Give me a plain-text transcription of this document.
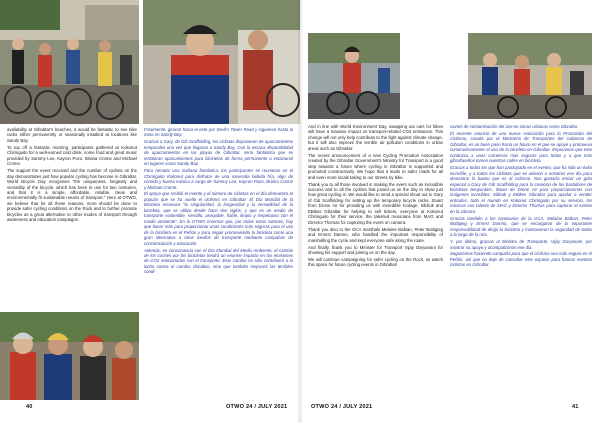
availability at Gibraltar's beaches, it would be fantastic to see bike racks either permanently or seasonally installed at locations like Sandy Bay.

To top off a fantastic morning, participants gathered at Kokonut Chiringuito for a well-earned cold drink, some food and great music provided by Sammy Lee, Kayron Pozo, Briana Crome and Michael Crome.

The support the event received and the number of cyclists on the day demonstrates just how popular cycling has become in Gibraltar. World Bicycle Day recognises "the uniqueness, longevity and versatility of the bicycle, which has been in use for two centuries, and that it is a simple, affordable, reliable, clean and environmentally fit sustainable means of transport." Here at OTWO, we believe that for all these reasons, more should be done to provide safer cycling conditions on the Rock and to further promote bicycles as a great alternative to other modes of transport through awareness and education campaigns.

Finalmente, giraron hacia el este por Devil's Tower Road y siguieron hasta la meta en Sandy Bay.

Gracias a Gary, de Gib Scaffolding, los ciclistas dispusieron de aparcamientos temporales una vez que llegaron a Sandy Bay. Con la escasa disponibilidad de aparcamientos en las playas de Gibraltar, sería fantástico que se instalaran aparcamientos para bicicletas de forma permanente o estacional en lugares como Sandy Bay.

Para rematar una mañana fantástica, los participantes se reunieron en el Chiringuito Kokonut para disfrutar de una merecida bebida fría, algo de comida y buena música a cargo de Sammy Lee, Kayron Pozo, Briana Crome y Michael Crome.

El apoyo que recibió el evento y el número de ciclistas en el día demuestra lo popular que se ha vuelto el ciclismo en Gibraltar. El Día Mundial de la Bicicleta reconoce "la singularidad, la longevidad y la versatilidad de la bicicleta, que se utiliza desde hace dos siglos, y que es un medio de transporte sostenible, sencillo, asequible, fiable, limpio y respetuoso con el medio ambiente". En la OTWO creemos que, por todas estas razones, hay que hacer más para proporcionar unas condiciones más seguras para el uso de la bicicleta en el Peñón y para seguir promoviendo la bicicleta como una gran alternativa a otros medios de transporte mediante campañas de concienciación y educación.

Además, en consonancia con el Día Mundial del Medio Ambiente, el cambio de los coches por las bicicletas tendrá un enorme impacto en las emisiones de CO2 relacionadas con el transporte. Este cambio no sólo contribuirá a la lucha contra el cambio climático, sino que también mejorará las terribles condi-

40	OTWO 24 / JULY 2021

And in line with World Environment Day, swapping out cars for bikes will have a massive impact on transport-related CO2 emissions. This change will not only help contribute to the fight against climate change, but it will also improve the terrible air pollution conditions in urban areas such as Gibraltar.

The recent announcement of a new Cycling Promotion Association created by the Gibraltar Government's Ministry for Transport is a good step towards a future where cycling in Gibraltar is supported and promoted constructively. We hope that it leads to safer roads for all and even more locals taking to our streets by bike.

Thank you to all those involved in making the event such an incredible success and to all the cyclists that joined us on the day to show just how great cycling is. We would like to send a special shout out to Gary of Gib Scaffolding for setting up the temporary bicycle racks, Stuart from Drone Air for providing us with incredible footage, Sibhuk and EBikes Gibraltar for helping to sell tickets, everyone at Kokonut Chiringuito for their service, the talented musicians from MAG and Director Thomas for capturing the event on camera.

Thank you also to the GCA marshals Melaine Balban, Peter Bottigieg and Ernest Damno, who handled the important responsibility of marshalling the cycle and kept everyone safe along the route.

And finally, thank you to Minister for Transport Vijay Daryanani for showing his support and joining us on the day.

We will continue campaigning for safer cycling on the Rock, so watch this space for future cycling events in Gibraltar!

ciones de contaminación del aire en zonas urbanas como Gibraltar.

El reciente anuncio de una nueva Asociación para la Promoción del Ciclismo, creada por el Ministerio de Transportes del Gobierno de Gibraltar, es un buen paso hacia un futuro en el que se apoye y promueva constructivamente el uso de la bicicleta en Gibraltar. Esperamos que esto conduzca a unas carreteras más seguras para todos y a que más gibraltareños tomen nuestras calles en bicicleta.

Gracias a todos los que han participado en el evento, que ha sido un éxito increíble, y a todos los ciclistas que se unieron a nosotros ese día para demostrar lo bueno que es el ciclismo. Nos gustaría enviar un grito especial a Gary de Gib Scaffolding para la creación de los bastidores de bicicletas temporales, Stuart de Drone Air para proporcionarnos con imágenes increíbles, Sibhuk y EBikes Gibraltar para ayudar a vender entradas, todo el mundo en Kokonut Chiringuito por su servicio, los músicos con talento de MAG y Director Thomas para capturar el evento en la cámara.

Gracias también a los comisarios de la GCA, Melaine Balban, Peter Bottigieg y Ernest Damno, que se encargaron de la importante responsabilidad de dirigir la bicicleta y mantuvieron la seguridad de todos a lo largo de la ruta.

Y, por último, gracias al Ministro de Transporte, Vijay Daryanani, por mostrar su apoyo y acompañarnos ese día.

Seguiremos haciendo campaña para que el ciclismo sea más seguro en el Peñón, así que no deje de consultar este espacio para futuros eventos ciclistas en Gibraltar.

OTWO 24 / JULY 2021	41
